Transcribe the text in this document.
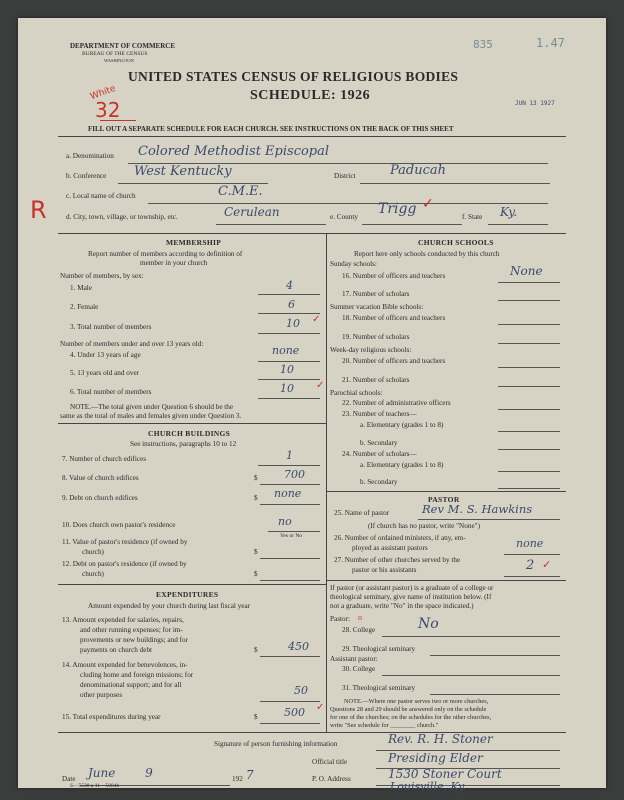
DEPARTMENT OF COMMERCE
BUREAU OF THE CENSUS
WASHINGTON
835	1.47
UNITED STATES CENSUS OF RELIGIOUS BODIES
SCHEDULE: 1926
White
32	JUN 13 1927
FILL OUT A SEPARATE SCHEDULE FOR EACH CHURCH. SEE INSTRUCTIONS ON THE BACK OF THIS SHEET
a. Denomination Colored Methodist Episcopal
b. Conference West Kentucky	District	Paducah
c. Local name of church	C.M.E.
R	d. City, town, village, or township, etc.	Cerulean	e. County Trigg ✓
f. State Ky.
MEMBERSHIP
Report number of members according to definition of
member in your church
Number of members, by sex:
1. Male	4
2. Female	6
3. Total number of members	10 ✓
Number of members under and over 13 years old:
4. Under 13 years of age	none
5. 13 years old and over	10
6. Total number of members	10 ✓
NOTE.—The total given under Question 6 should be the
same as the total of males and females given under Question 3.
CHURCH BUILDINGS
See instructions, paragraphs 10 to 12
7. Number of church edifices	1
8. Value of church edifices	$ 700
9. Debt on church edifices	$ none
10. Does church own pastor's residence	no
Yes or No
11. Value of pastor's residence (if owned by
church)	$
12. Debt on pastor's residence (if owned by
church)	$
EXPENDITURES
Amount expended by your church during last fiscal year
13. Amount expended for salaries, repairs,
and other running expenses; for im-
provements or new buildings; and for
payments on church debt	$	450
14. Amount expended for benevolences, in-
cluding home and foreign missions; for
denominational support; and for all
other purposes	50
15. Total expenditures during year	$ 500 ✓
CHURCH SCHOOLS
Report here only schools conducted by this church
Sunday schools:
16. Number of officers and teachers	None
17. Number of scholars
Summer vacation Bible schools:
18. Number of officers and teachers
19. Number of scholars
Week-day religious schools:
20. Number of officers and teachers
21. Number of scholars
Parochial schools:
22. Number of administrative officers
23. Number of teachers—
a. Elementary (grades 1 to 8)
b. Secondary
24. Number of scholars—
a. Elementary (grades 1 to 8)
b. Secondary
PASTOR
25. Name of pastor	Rev M. S. Hawkins
(If church has no pastor, write "None")
26. Number of ordained ministers, if any, em-
ployed as assistant pastors	none
27. Number of other churches served by the
pastor or his assistants	2 ✓
If pastor (or assistant pastor) is a graduate of a college or
theological seminary, give name of institution below. (If
not a graduate, write "No" in the space indicated.)
Pastor: o
28. College	No
29. Theological seminary
Assistant pastor:
30. College
31. Theological seminary
NOTE.—Where one pastor serves two or more churches,
Questions 28 and 29 should be answered only on the schedule
for one of the churches; on the schedules for the other churches,
write "See schedule for ________ church."
Signature of person furnishing information	Rev. R. H. Stoner
Official title	Presiding Elder
Date June 9	192 7	P. O. Address	1530 Stoner Court
Louisville, Ky.
S—5538 a 11—5084b
